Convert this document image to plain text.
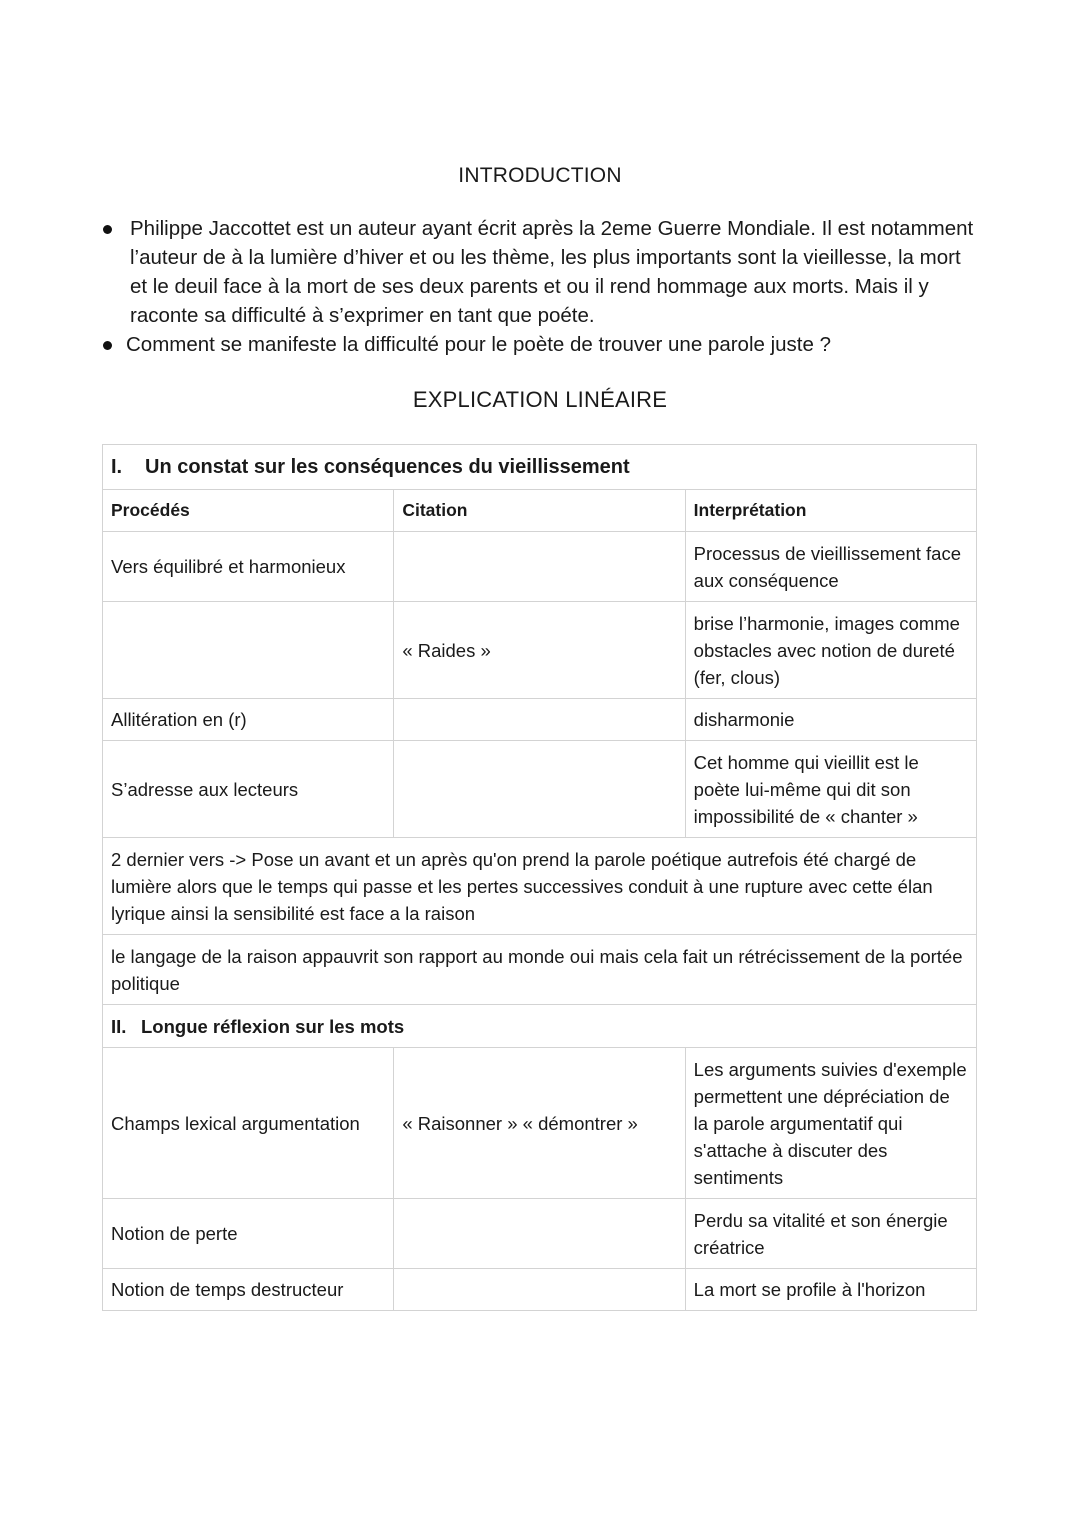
INTRODUCTION
Philippe Jaccottet est un auteur ayant écrit après la 2eme Guerre Mondiale. Il est notamment l’auteur de à la lumière d’hiver et ou les thème, les plus importants sont la vieillesse, la mort et le deuil face à la mort de ses deux parents et ou il rend hommage aux morts. Mais il y raconte sa difficulté à s’exprimer en tant que poéte.
Comment se manifeste la difficulté pour le poète de trouver une parole juste ?
EXPLICATION LINÉAIRE
I. Un constat sur les conséquences du vieillissement		
Procédés	Citation	Interprétation
Vers équilibré et harmonieux		Processus de vieillissement face aux conséquence
	« Raides »	brise l’harmonie, images comme obstacles avec notion de dureté (fer, clous)
Allitération en (r)		disharmonie
S’adresse aux lecteurs		Cet homme qui vieillit est le poète lui-même qui dit son impossibilité de « chanter »
2 dernier vers -> Pose un avant et un après qu'on prend la parole poétique autrefois été chargé de lumière alors que le temps qui passe et les pertes successives conduit à une rupture avec cette élan lyrique ainsi la sensibilité est face a la raison		
le langage de la raison appauvrit son rapport au monde oui mais cela fait un rétrécissement de la portée politique		
II. Longue réflexion sur les mots		
Champs lexical argumentation	« Raisonner » « démontrer »	Les arguments suivies d'exemple permettent une dépréciation de la parole argumentatif qui s'attache à discuter des sentiments
Notion de perte		Perdu sa vitalité et son énergie créatrice
Notion de temps destructeur		La mort se profile à l'horizon
